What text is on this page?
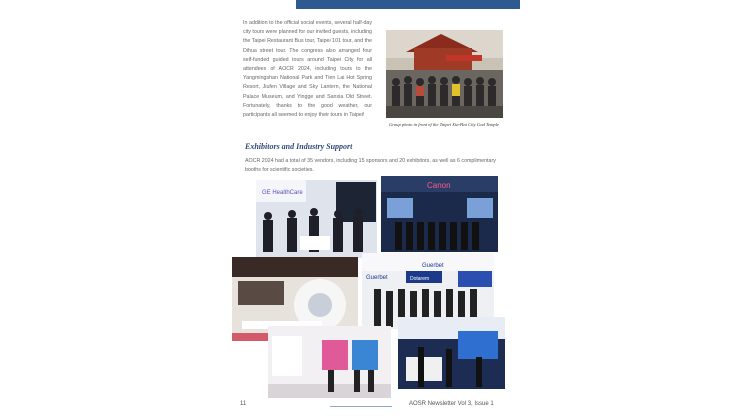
In addition to the official social events, several half-day city tours were planned for our invited guests, including the Taipei Restaurant Bus tour, Taipei 101 tour, and the Dihua street tour. The congress also arranged four self-funded guided tours around Taipei City for all attendees of AOCR 2024, including tours to the Yangmingshan National Park and Tien Lai Hot Spring Resort, Jiufen Village and Sky Lantern, the National Palace Museum, and Yingge and Sanxia Old Street. Fortunately, thanks to the good weather, our participants all seemed to enjoy their tours in Taipei!

Group photo in front of the Taipei Xia-Hai City God Temple
Exhibitors and Industry Support

AOCR 2024 had a total of 35 vendors, including 15 sponsors and 20 exhibitors, as well as 6 complimentary booths for scientific societies.

GE HealthCare
Canon
Guerbet
Guerbet
Dotarem
11	AOSR Newsletter Vol 3, Issue 1
